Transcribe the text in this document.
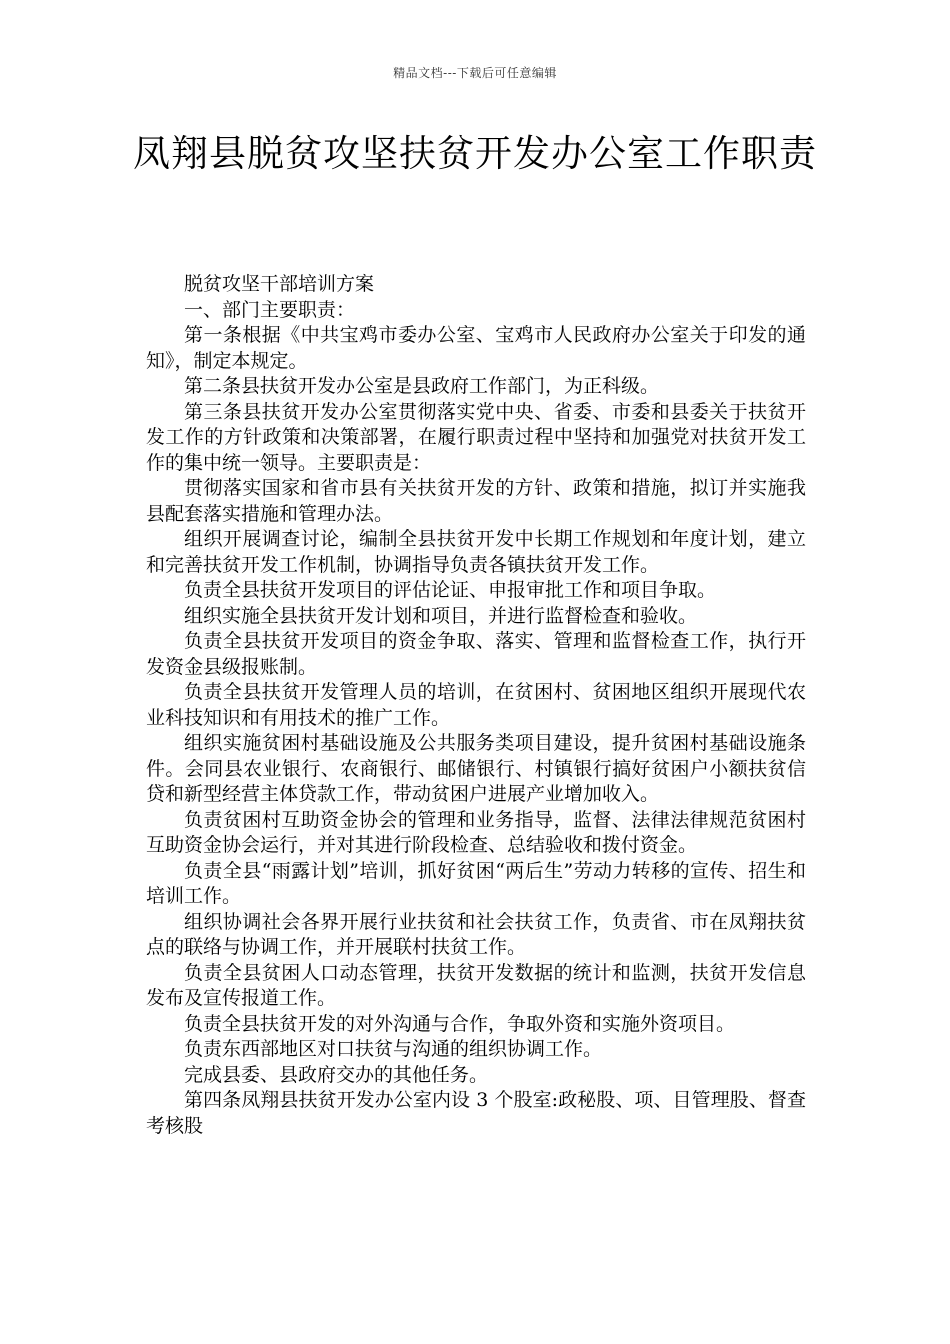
精品文档---下载后可任意编辑
凤翔县脱贫攻坚扶贫开发办公室工作职责

脱贫攻坚干部培训方案

一、部门主要职责：

第一条根据《中共宝鸡市委办公室、宝鸡市人民政府办公室关于印发的通知》，制定本规定。

第二条县扶贫开发办公室是县政府工作部门，为正科级。

第三条县扶贫开发办公室贯彻落实党中央、省委、市委和县委关于扶贫开发工作的方针政策和决策部署，在履行职责过程中坚持和加强党对扶贫开发工作的集中统一领导。主要职责是：

贯彻落实国家和省市县有关扶贫开发的方针、政策和措施，拟订并实施我县配套落实措施和管理办法。

组织开展调查讨论，编制全县扶贫开发中长期工作规划和年度计划，建立和完善扶贫开发工作机制，协调指导负责各镇扶贫开发工作。

负责全县扶贫开发项目的评估论证、申报审批工作和项目争取。

组织实施全县扶贫开发计划和项目，并进行监督检查和验收。

负责全县扶贫开发项目的资金争取、落实、管理和监督检查工作，执行开发资金县级报账制。

负责全县扶贫开发管理人员的培训，在贫困村、贫困地区组织开展现代农业科技知识和有用技术的推广工作。

组织实施贫困村基础设施及公共服务类项目建设，提升贫困村基础设施条件。会同县农业银行、农商银行、邮储银行、村镇银行搞好贫困户小额扶贫信贷和新型经营主体贷款工作，带动贫困户进展产业增加收入。

负责贫困村互助资金协会的管理和业务指导，监督、法律法律规范贫困村互助资金协会运行，并对其进行阶段检查、总结验收和拨付资金。

负责全县“雨露计划”培训，抓好贫困“两后生”劳动力转移的宣传、招生和培训工作。

组织协调社会各界开展行业扶贫和社会扶贫工作，负责省、市在凤翔扶贫点的联络与协调工作，并开展联村扶贫工作。

负责全县贫困人口动态管理，扶贫开发数据的统计和监测，扶贫开发信息发布及宣传报道工作。

负责全县扶贫开发的对外沟通与合作，争取外资和实施外资项目。

负责东西部地区对口扶贫与沟通的组织协调工作。

完成县委、县政府交办的其他任务。

第四条凤翔县扶贫开发办公室内设 3 个股室:政秘股、项、目管理股、督查考核股
